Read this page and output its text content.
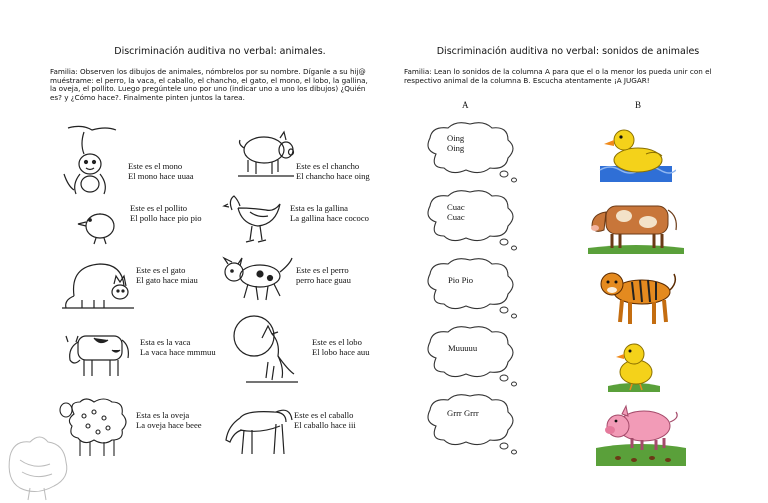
Discriminación auditiva no verbal: animales.
Familia: Observen los dibujos de animales, nómbrelos por su nombre. Díganle a su hij@ muéstrame: el perro, la vaca, el caballo, el chancho, el gato, el mono, el lobo, la gallina, la oveja, el pollito. Luego pregúntele uno por uno (indicar uno a uno los dibujos) ¿Quién es? y ¿Cómo hace?. Finalmente pinten juntos la tarea.
Este es el mono
El mono hace uuaa
Este es el chancho
El chancho hace oing
Este es el pollito
El pollo hace pio pio
Esta es la gallina
La gallina hace cococo
Este es el gato
El gato hace miau
Este es el perro
perro hace guau
Esta es la vaca
La vaca hace mmmuu
Este es el lobo
El lobo hace auu
Esta es la oveja
La oveja hace beee
Este es el caballo
El caballo hace iii
Discriminación auditiva no verbal: sonidos de animales
Familia: Lean lo sonidos de la columna A para que el o la menor los pueda unir con el respectivo animal de la columna B. Escucha atentamente ¡A JUGAR!
A	B
Oing
Oing
Cuac
Cuac
Pio Pio
Muuuuu
Grrr Grrr
